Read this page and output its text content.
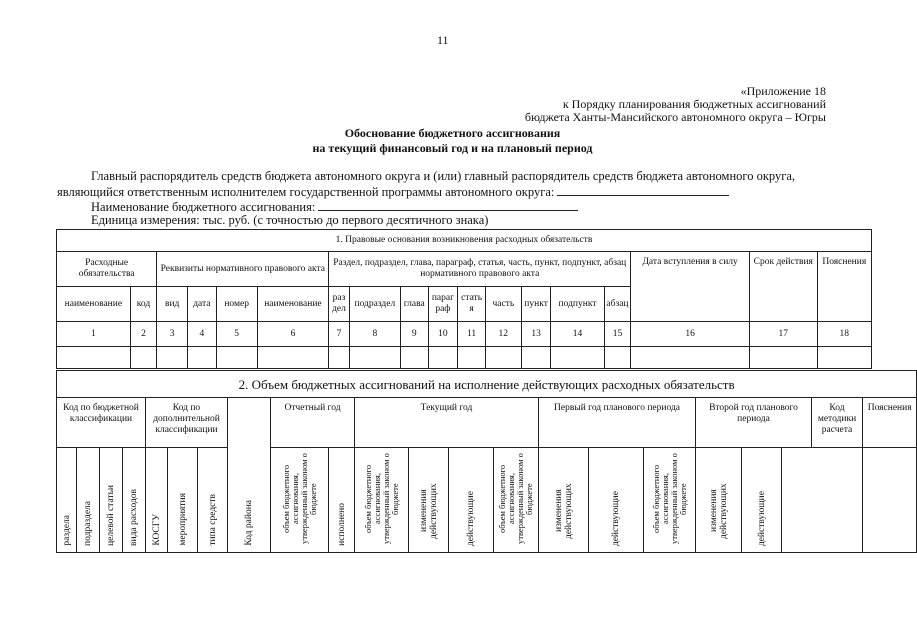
11
«Приложение 18
к Порядку планирования бюджетных ассигнований
бюджета Ханты-Мансийского автономного округа – Югры
Обоснование бюджетного ассигнования
на текущий финансовый год и на плановый период
Главный распорядитель средств бюджета автономного округа и (или) главный распорядитель средств бюджета автономного округа,
являющийся ответственным исполнителем государственной программы автономного округа:
Наименование бюджетного ассигнования:
Единица измерения: тыс. руб. (с точностью до первого десятичного знака)
1. Правовые основания возникновения расходных обязательств																	
Расходные обязательства		Реквизиты нормативного правового акта				Раздел, подраздел, глава, параграф, статья, часть, пункт, подпункт, абзац нормативного правового акта									Дата вступления в силу	Срок действия	Пояснения
наименование	код	вид	дата	номер	наименование	раз дел	подраздел	глава	параг раф	стать я	часть	пункт	подпункт	абзац			
1	2	3	4	5	6	7	8	9	10	11	12	13	14	15	16	17	18

2. Объем бюджетных ассигнований на исполнение действующих расходных обязательств																					
Код по бюджетной классификации				Код по дополнительной классификации			Код района	Отчетный год		Текущий год				Первый год планового периода			Второй год планового периода			Код методики расчета	Пояснения

раздела	подраздела	целевой статьи	вида расходов	КОСГУ	мероприятия	типа средств		объем бюджетного ассигнования, утвержденный законом о бюджете	исполнено	объем бюджетного ассигнования, утвержденный законом о бюджете	изменения действующих	действующие	объем бюджетного ассигнования, утвержденный законом о бюджете	изменения действующих	действующие	объем бюджетного ассигнования, утвержденный законом о бюджете	изменения действующих	действующие			
